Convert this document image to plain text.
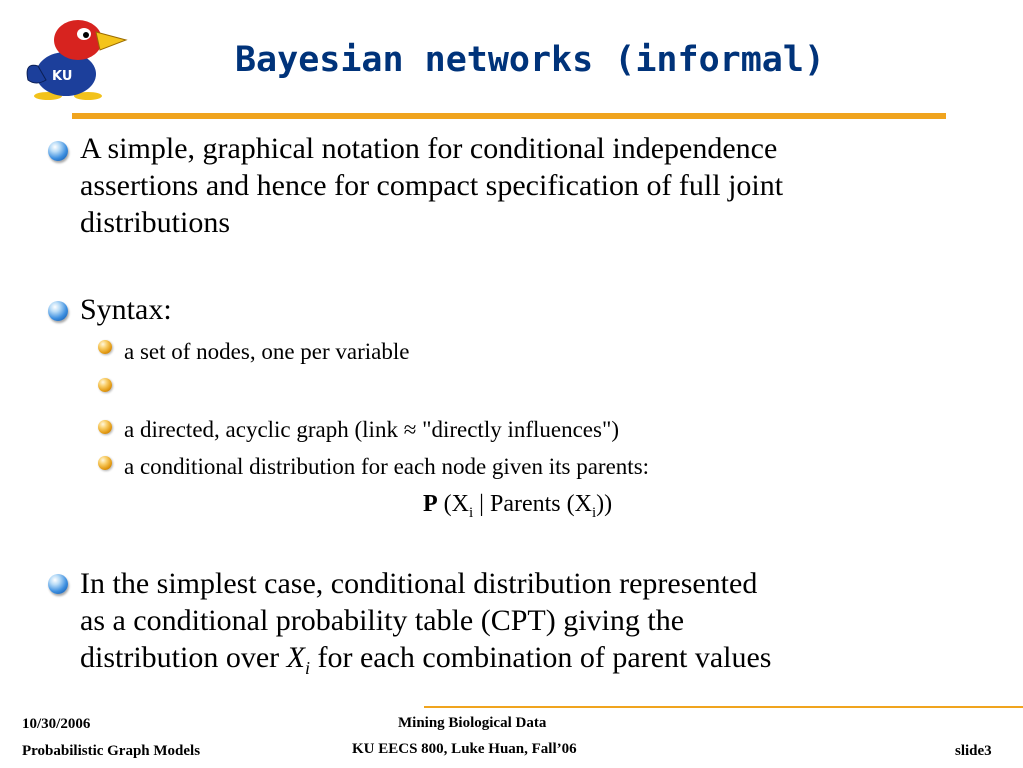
KU	Bayesian networks (informal)
A simple, graphical notation for conditional independence
assertions and hence for compact specification of full joint
distributions
Syntax:
a set of nodes, one per variable
a directed, acyclic graph (link ≈ "directly influences")
a conditional distribution for each node given its parents:
P ($X_i$ | Parents $(X_i)$)
In the simplest case, conditional distribution represented
as a conditional probability table (CPT) giving the
distribution over $X_i$ for each combination of parent values
10/30/2006
Probabilistic Graph Models
Mining Biological Data
KU EECS 800, Luke Huan, Fall’06	slide3
